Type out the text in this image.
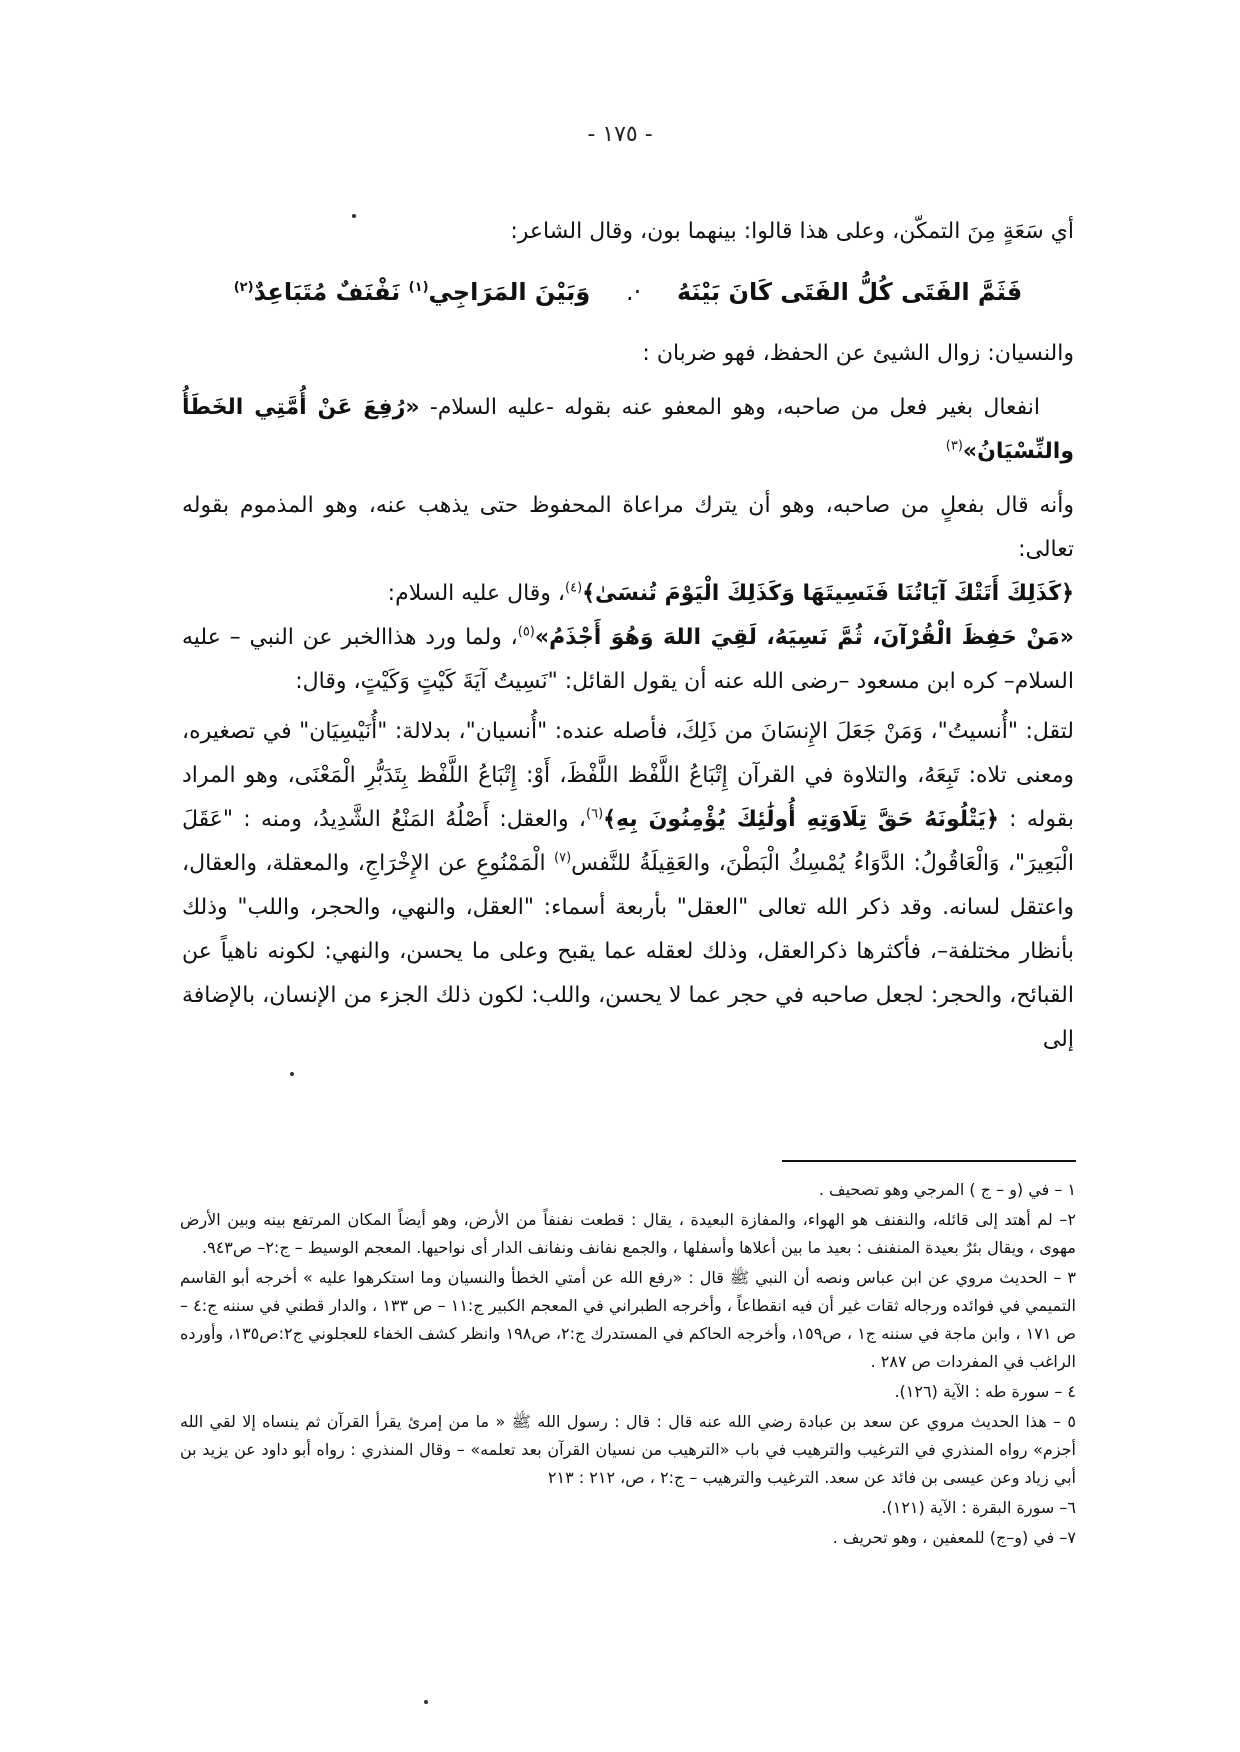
- ١٧٥ -

أي سَعَةٍ مِنَ التمكّن، وعلى هذا قالوا: بينهما بون، وقال الشاعر:

فَثَمَّ الفَتَى كُلُّ الفَتَى كَانَ بَيْنَهُ ·. وَبَيْنَ المَرَاجِي$^{(١)}$ نَفْنَفٌ مُتَبَاعِدٌ$^{(٢)}$

والنسيان: زوال الشيئ عن الحفظ، فهو ضربان :

انفعال بغير فعل من صاحبه، وهو المعفو عنه بقوله -عليه السلام- «رُفِعَ عَنْ أُمَّتِي الخَطَأُ والنِّسْيَانُ»$^{(٣)}$

وأنه قال بفعلٍ من صاحبه، وهو أن يترك مراعاة المحفوظ حتى يذهب عنه، وهو المذموم بقوله تعالى:

﴿كَذَلِكَ أَتَتْكَ آيَاتُنَا فَنَسِيتَهَا وَكَذَلِكَ الْيَوْمَ تُنسَىٰ﴾$^{(٤)}$، وقال عليه السلام:

«مَنْ حَفِظَ الْقُرْآنَ، ثُمَّ نَسِيَهُ، لَقِيَ اللهَ وَهُوَ أَجْذَمُ»$^{(٥)}$، ولما ورد هذاالخبر عن النبي – عليه السلام– كره ابن مسعود –رضى الله عنه أن يقول القائل: "نَسِيتُ آيَةَ كَيْتٍ وَكَيْتٍ، وقال:

لتقل: "أُنسيتُ"، وَمَنْ جَعَلَ الإِنسَانَ من ذَلِكَ، فأصله عنده: "أُنسيان"، بدلالة: "أُنَيْسِيَان" في تصغيره، ومعنى تلاه: تَبِعَهُ، والتلاوة في القرآن إِتْبَاعُ اللَّفْظ اللَّفْظَ، أَوْ: إِتْبَاعُ اللَّفْظ بِتَدَبُّرِ الْمَعْنَى، وهو المراد بقوله : ﴿يَتْلُونَهُ حَقَّ تِلَاوَتِهِ أُولَٰئِكَ يُؤْمِنُونَ بِهِ﴾$^{(٦)}$، والعقل: أَصْلُهُ المَنْعُ الشَّدِيدُ، ومنه : "عَقَلَ الْبَعِيرَ"، وَالْعَاقُولُ: الدَّوَاءُ يُمْسِكُ الْبَطْنَ، والعَقِيلَةُ للنَّفس$^{(٧)}$ الْمَمْنُوعِ عن الإِخْرَاجِ، والمعقلة، والعقال، واعتقل لسانه. وقد ذكر الله تعالى "العقل" بأربعة أسماء: "العقل، والنهي، والحجر، واللب" وذلك بأنظار مختلفة–، فأكثرها ذكرالعقل، وذلك لعقله عما يقبح وعلى ما يحسن، والنهي: لكونه ناهياً عن القبائح، والحجر: لجعل صاحبه في حجر عما لا يحسن، واللب: لكون ذلك الجزء من الإنسان، بالإضافة إلى

١ – في (و – ج ) المرجي وهو تصحيف .

٢– لم أهتد إلى قائله، والنفنف هو الهواء، والمفازة البعيدة ، يقال : قطعت نفنفاً من الأرض، وهو أيضاً المكان المرتفع بينه وبين الأرض مهوى ، ويقال بئرٌ بعيدة المنفنف : بعيد ما بين أعلاها وأسفلها ، والجمع نفانف ونفانف الدار أى نواحيها. المعجم الوسيط – ج:٢– ص٩٤٣.

٣ – الحديث مروي عن ابن عباس ونصه أن النبي ﷺ قال : «رفع الله عن أمتي الخطأ والنسيان وما استكرهوا عليه » أخرجه أبو القاسم التميمي في فوائده ورجاله ثقات غير أن فيه انقطاعاً ، وأخرجه الطبراني في المعجم الكبير ج:١١ – ص ١٣٣ ، والدار قطني في سننه ج:٤ – ص ١٧١ ، وابن ماجة في سننه ج١ ، ص١٥٩، وأخرجه الحاكم في المستدرك ج:٢، ص١٩٨ وانظر كشف الخفاء للعجلوني ج٢:ص١٣٥، وأورده الراغب في المفردات ص ٢٨٧ .

٤ – سورة طه : الآية (١٢٦).

٥ – هذا الحديث مروي عن سعد بن عبادة رضي الله عنه قال : قال : رسول الله ﷺ « ما من إمرئ يقرأ القرآن ثم ينساه إلا لقي الله أجزم» رواه المنذري في الترغيب والترهيب في باب «الترهيب من نسيان القرآن بعد تعلمه» – وقال المنذري : رواه أبو داود عن يزيد بن أبي زياد وعن عيسى بن فائد عن سعد. الترغيب والترهيب – ج:٢ ، ص، ٢١٢ : ٢١٣

٦– سورة البقرة : الآية (١٢١).

٧– في (و–ج) للمعفين ، وهو تحريف .
